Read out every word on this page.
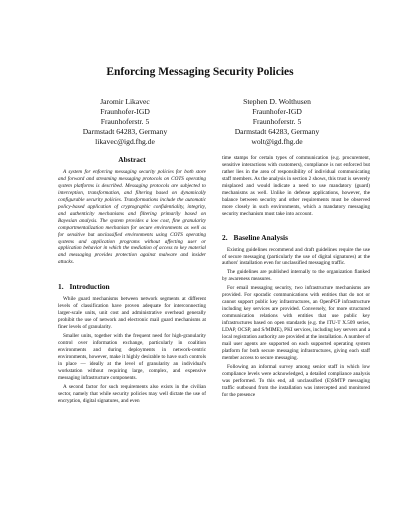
Enforcing Messaging Security Policies
Jaromir Likavec
Fraunhofer-IGD
Fraunhoferstr. 5
Darmstadt 64283, Germany
likavec@igd.fhg.de
Stephen D. Wolthusen
Fraunhofer-IGD
Fraunhoferstr. 5
Darmstadt 64283, Germany
wolt@igd.fhg.de
Abstract

A system for enforcing messaging security policies for both store and forward and streaming messaging protocols on COTS operating system platforms is described. Messaging protocols are subjected to interception, transformation, and filtering based on dynamically configurable security policies. Transformations include the automatic policy-based application of cryptographic confidentiality, integrity, and authenticity mechanisms and filtering primarily based on Bayesian analysis. The system provides a low cost, fine granularity compartmentalization mechanism for secure environments as well as for sensitive but unclassified environments using COTS operating systems and application programs without affecting user or application behavior in which the mediation of access to key material and messaging provides protection against malware and insider attacks.

1. Introduction

While guard mechanisms between network segments at different levels of classification have proven adequate for interconnecting larger-scale units, unit cost and administrative overhead generally prohibit the use of network and electronic mail guard mechanisms at finer levels of granularity.

Smaller units, together with the frequent need for high-granularity control over information exchange, particularly in coalition environments and during deployments in network-centric environments, however, make it highly desirable to have such controls in place — ideally at the level of granularity an individual's workstation without requiring large, complex, and expensive messaging infrastructure components.

A second factor for such requirements also exists in the civilian sector, namely that while security policies may well dictate the use of encryption, digital signatures, and even

time stamps for certain types of communication (e.g. procurement, sensitive interactions with customers), compliance is not enforced but rather lies in the area of responsibility of individual communicating staff members. As the analysis in section 2 shows, this trust is severely misplaced and would indicate a need to use mandatory (guard) mechanisms as well. Unlike in defense applications, however, the balance between security and other requirements must be observed more closely in such environments, which a mandatory messaging security mechanism must take into account.

2. Baseline Analysis

Existing guidelines recommend and draft guidelines require the use of secure messaging (particularly the use of digital signatures) at the authors' installation even for unclassified messaging traffic.

The guidelines are published internally to the organization flanked by awareness measures.

For email messaging security, two infrastructure mechanisms are provided. For sporadic communications with entities that do not or cannot support public key infrastructures, an OpenPGP infrastructure including key services are provided. Conversely, for more structured communication relations with entities that use public key infrastructures based on open standards (e.g. the ITU-T X.509 series, LDAP, OCSP, and S/MIME), PKI services, including key servers and a local registration authority are provided at the installation. A number of mail user agents are supported on each supported operating system platform for both secure messaging infrastructures, giving each staff member access to secure messaging.

Following an informal survey among senior staff in which low compliance levels were acknowledged, a detailed compliance analysis was performed. To this end, all unclassified (E)SMTP messaging traffic outbound from the installation was intercepted and monitored for the presence
